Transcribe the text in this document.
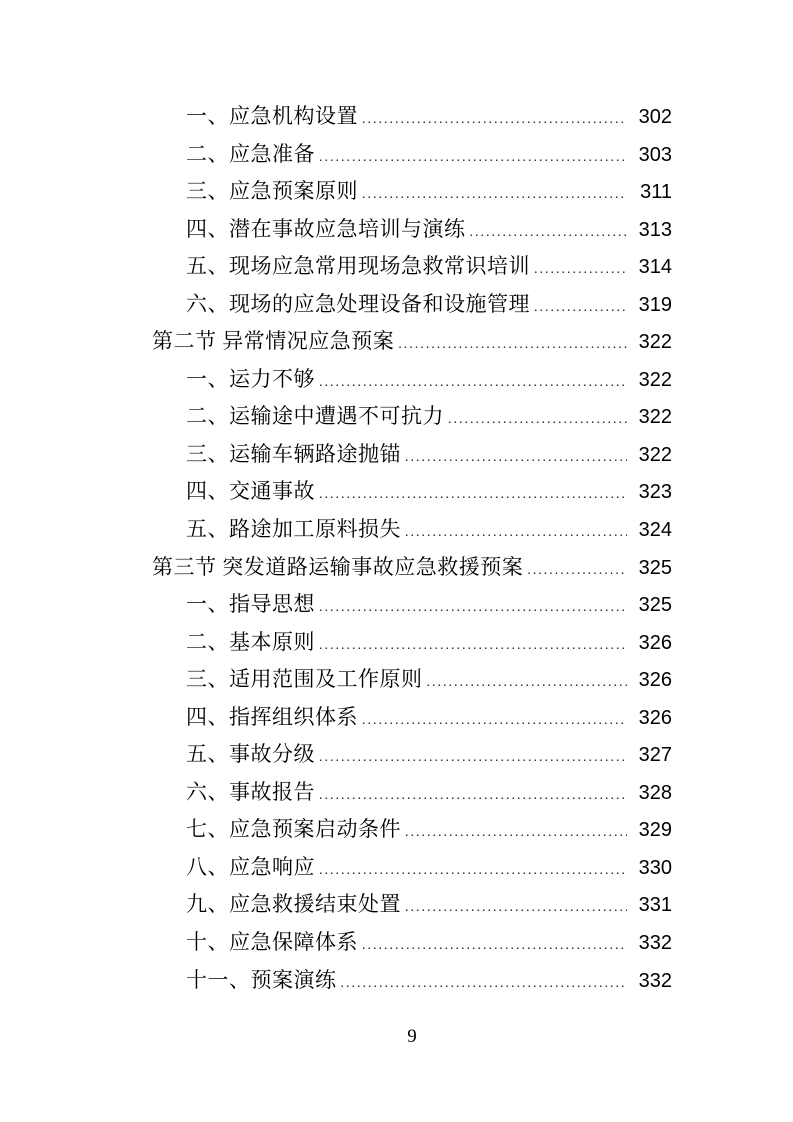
一、应急机构设置 .....	302
二、应急准备 .....	303
三、应急预案原则 .....	311
四、潜在事故应急培训与演练 .....	313
五、现场应急常用现场急救常识培训 .....	314
六、现场的应急处理设备和设施管理 .....	319
第二节 异常情况应急预案 .....	322
一、运力不够 .....	322
二、运输途中遭遇不可抗力 .....	322
三、运输车辆路途抛锚 .....	322
四、交通事故 .....	323
五、路途加工原料损失 .....	324
第三节 突发道路运输事故应急救援预案 .....	325
一、指导思想 .....	325
二、基本原则 .....	326
三、适用范围及工作原则 .....	326
四、指挥组织体系 .....	326
五、事故分级 .....	327
六、事故报告 .....	328
七、应急预案启动条件 .....	329
八、应急响应 .....	330
九、应急救援结束处置 .....	331
十、应急保障体系 .....	332
十一、预案演练 .....	332
9
